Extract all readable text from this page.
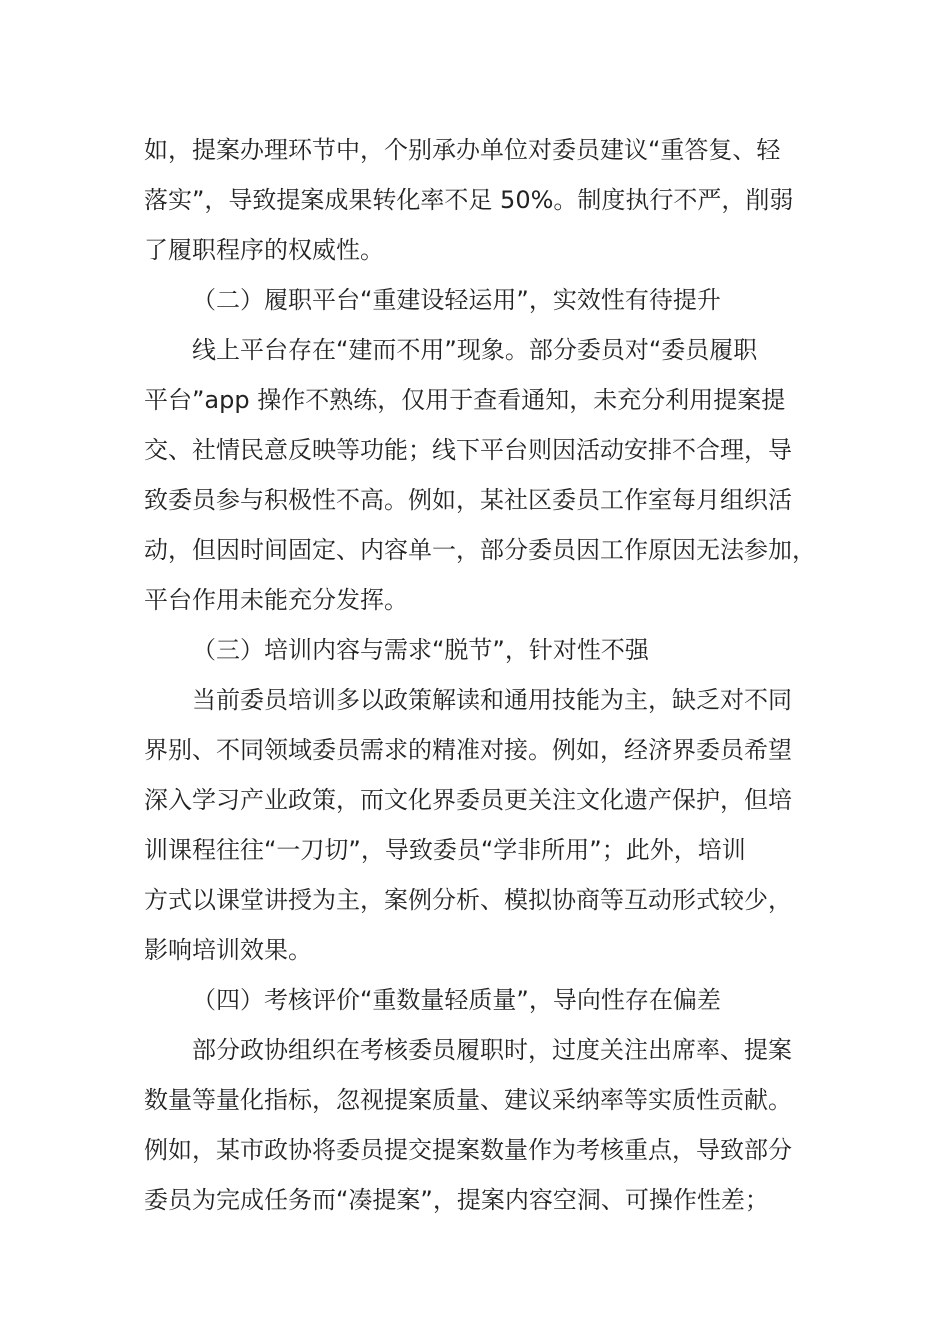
如，提案办理环节中，个别承办单位对委员建议“重答复、轻
落实”，导致提案成果转化率不足 50%。制度执行不严，削弱
了履职程序的权威性。
（二）履职平台“重建设轻运用”，实效性有待提升
线上平台存在“建而不用”现象。部分委员对“委员履职
平台”app 操作不熟练，仅用于查看通知，未充分利用提案提
交、社情民意反映等功能；线下平台则因活动安排不合理，导
致委员参与积极性不高。例如，某社区委员工作室每月组织活
动，但因时间固定、内容单一，部分委员因工作原因无法参加，
平台作用未能充分发挥。
（三）培训内容与需求“脱节”，针对性不强
当前委员培训多以政策解读和通用技能为主，缺乏对不同
界别、不同领域委员需求的精准对接。例如，经济界委员希望
深入学习产业政策，而文化界委员更关注文化遗产保护，但培
训课程往往“一刀切”，导致委员“学非所用”；此外，培训
方式以课堂讲授为主，案例分析、模拟协商等互动形式较少，
影响培训效果。
（四）考核评价“重数量轻质量”，导向性存在偏差
部分政协组织在考核委员履职时，过度关注出席率、提案
数量等量化指标，忽视提案质量、建议采纳率等实质性贡献。
例如，某市政协将委员提交提案数量作为考核重点，导致部分
委员为完成任务而“凑提案”，提案内容空洞、可操作性差；
